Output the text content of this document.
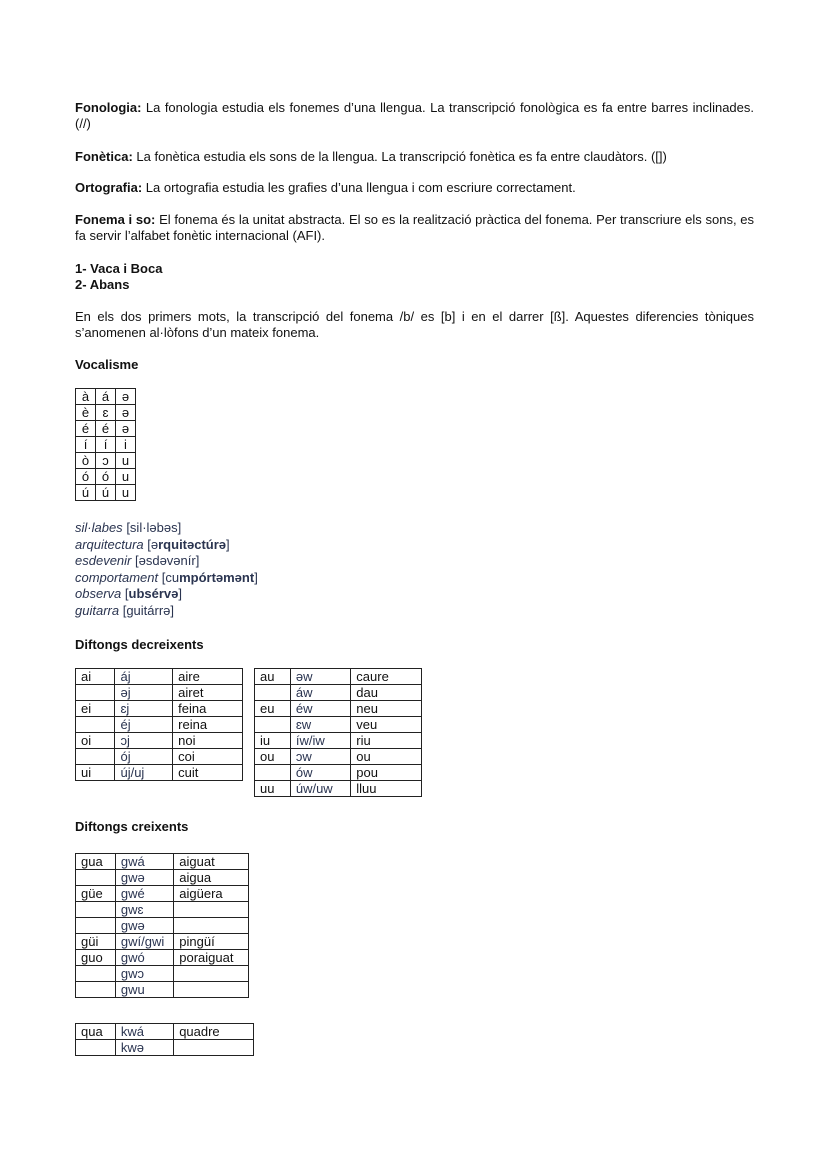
Fonologia: La fonologia estudia els fonemes d’una llengua. La transcripció fonològica es fa entre barres inclinades. (//)

Fonètica: La fonètica estudia els sons de la llengua. La transcripció fonètica es fa entre claudàtors. ([])

Ortografia: La ortografia estudia les grafies d’una llengua i com escriure correctament.

Fonema i so: El fonema és la unitat abstracta. El so es la realització pràctica del fonema. Per transcriure els sons, es fa servir l’alfabet fonètic internacional (AFI).

1- Vaca i Boca

2- Abans

En els dos primers mots, la transcripció del fonema /b/ es [b] i en el darrer [ß]. Aquestes diferencies tòniques s’anomenen al·lòfons d’un mateix fonema.

Vocalisme
à	á	ə
è	ɛ	ə
é	é	ə
í	í	i
ò	ɔ	u
ó	ó	u
ú	ú	u
sil·labes [sil·ləbəs]
arquitectura [ərquitəctúrə]
esdevenir [əsdəvənír]
comportament [cumpórtəmənt]
observa [ubsérvə]
guitarra [guitárrə]
Diftongs decreixents
ai	áj	aire
	əj	airet
ei	ɛj	feina
	éj	reina
oi	ɔj	noi
	ój	coi
ui	új/uj	cuit
au	əw	caure
	áw	dau
eu	éw	neu
	ɛw	veu
iu	íw/iw	riu
ou	ɔw	ou
	ów	pou
uu	úw/uw	lluu
Diftongs creixents
gua	gwá	aiguat
	gwə	aigua
güe	gwé	aigüera
	gwɛ	
	gwə	
güi	gwí/gwi	pingüí
guo	gwó	poraiguat
	gwɔ	
	gwu	
qua	kwá	quadre
	kwə	
